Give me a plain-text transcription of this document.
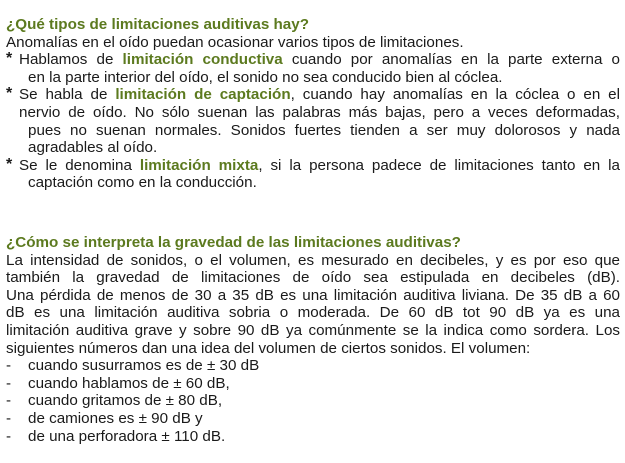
¿Qué tipos de limitaciones auditivas hay?
Anomalías en el oído puedan ocasionar varios tipos de limitaciones.
* Hablamos de limitación conductiva cuando por anomalías en la parte externa o
en la parte interior del oído, el sonido no sea conducido bien al cóclea.
* Se habla de limitación de captación, cuando hay anomalías en la cóclea o en el
nervio de oído. No sólo suenan las palabras más bajas, pero a veces deformadas,
pues no suenan normales. Sonidos fuertes tienden a ser muy dolorosos y nada
agradables al oído.
* Se le denomina limitación mixta, si la persona padece de limitaciones tanto en la
captación como en la conducción.
¿Cómo se interpreta la gravedad de las limitaciones auditivas?
La intensidad de sonidos, o el volumen, es mesurado en decibeles, y es por eso que
también la gravedad de limitaciones de oído sea estipulada en decibeles (dB).
Una pérdida de menos de 30 a 35 dB es una limitación auditiva liviana. De 35 dB a 60
dB es una limitación auditiva sobria o moderada. De 60 dB tot 90 dB ya es una
limitación auditiva grave y sobre 90 dB ya comúnmente se la indica como sordera. Los
siguientes números dan una idea del volumen de ciertos sonidos. El volumen:
- cuando susurramos es de ± 30 dB
- cuando hablamos de ± 60 dB,
- cuando gritamos de ± 80 dB,
- de camiones es ± 90 dB y
- de una perforadora ± 110 dB.
